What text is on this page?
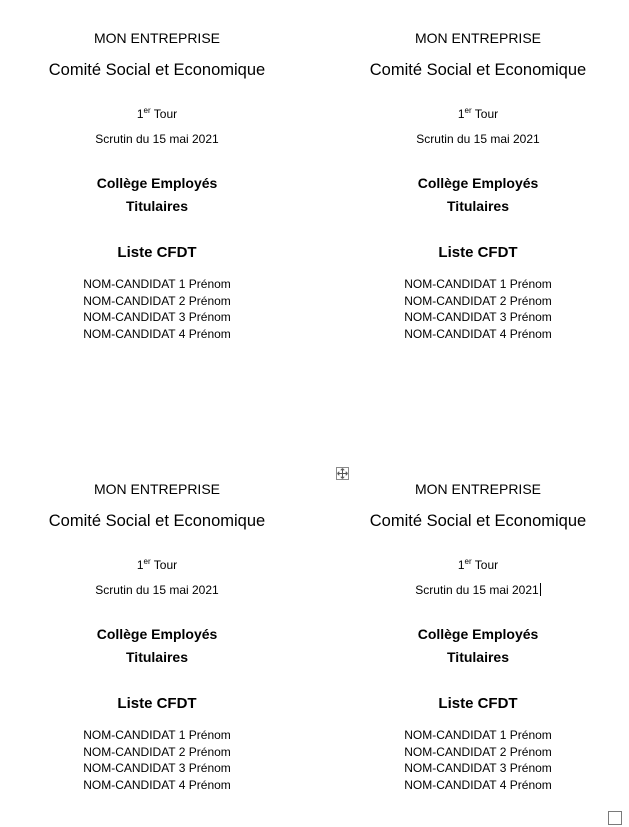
MON ENTREPRISE
Comité Social et Economique
1er Tour
Scrutin du 15 mai 2021
Collège Employés
Titulaires
Liste CFDT
NOM-CANDIDAT 1 Prénom
NOM-CANDIDAT 2 Prénom
NOM-CANDIDAT 3 Prénom
NOM-CANDIDAT 4 Prénom
MON ENTREPRISE
Comité Social et Economique
1er Tour
Scrutin du 15 mai 2021
Collège Employés
Titulaires
Liste CFDT
NOM-CANDIDAT 1 Prénom
NOM-CANDIDAT 2 Prénom
NOM-CANDIDAT 3 Prénom
NOM-CANDIDAT 4 Prénom
MON ENTREPRISE
Comité Social et Economique
1er Tour
Scrutin du 15 mai 2021
Collège Employés
Titulaires
Liste CFDT
NOM-CANDIDAT 1 Prénom
NOM-CANDIDAT 2 Prénom
NOM-CANDIDAT 3 Prénom
NOM-CANDIDAT 4 Prénom
MON ENTREPRISE
Comité Social et Economique
1er Tour
Scrutin du 15 mai 2021
Collège Employés
Titulaires
Liste CFDT
NOM-CANDIDAT 1 Prénom
NOM-CANDIDAT 2 Prénom
NOM-CANDIDAT 3 Prénom
NOM-CANDIDAT 4 Prénom
